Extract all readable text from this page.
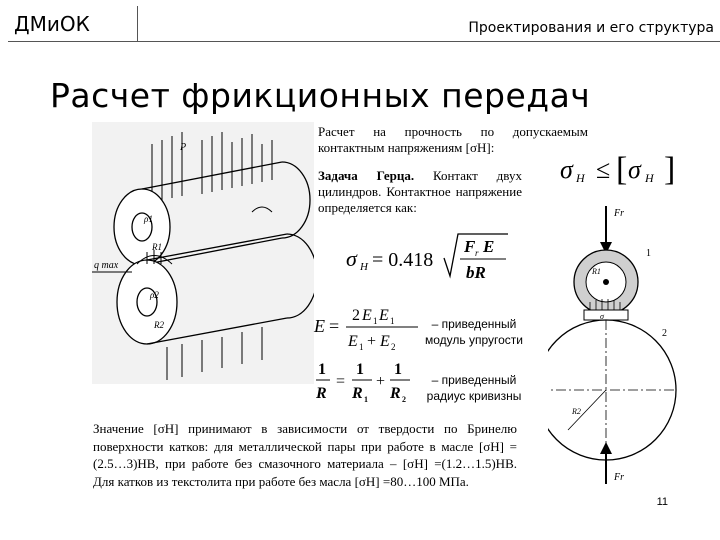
ДМиОК	Проектирования и его структура
Расчет фрикционных передач
P
ρ1
q max
ρ2
R1
R2
Расчет на прочность по допускаемым контактным напряжениям [σH]:
σ H ≤ [ σ H ]
Задача Герца. Контакт двух цилиндров. Контактное напряжение определяется как:
σ H = 0.418
F r E
bR
E =
2 E 1 E 1
E 1 + E 2
– приведенный модуль упругости
1
R
=
1
R 1
+
1
R 2
– приведенный радиус кривизны
Fr
1
2
σ
Fr
R1
R2
Значение [σH] принимают в зависимости от твердости по Бринелю поверхности катков: для металлической пары при работе в масле [σH] =(2.5…3)HB, при работе без смазочного материала – [σH] =(1.2…1.5)HB. Для катков из текстолита при работе без масла [σH] =80…100 МПа.
11
